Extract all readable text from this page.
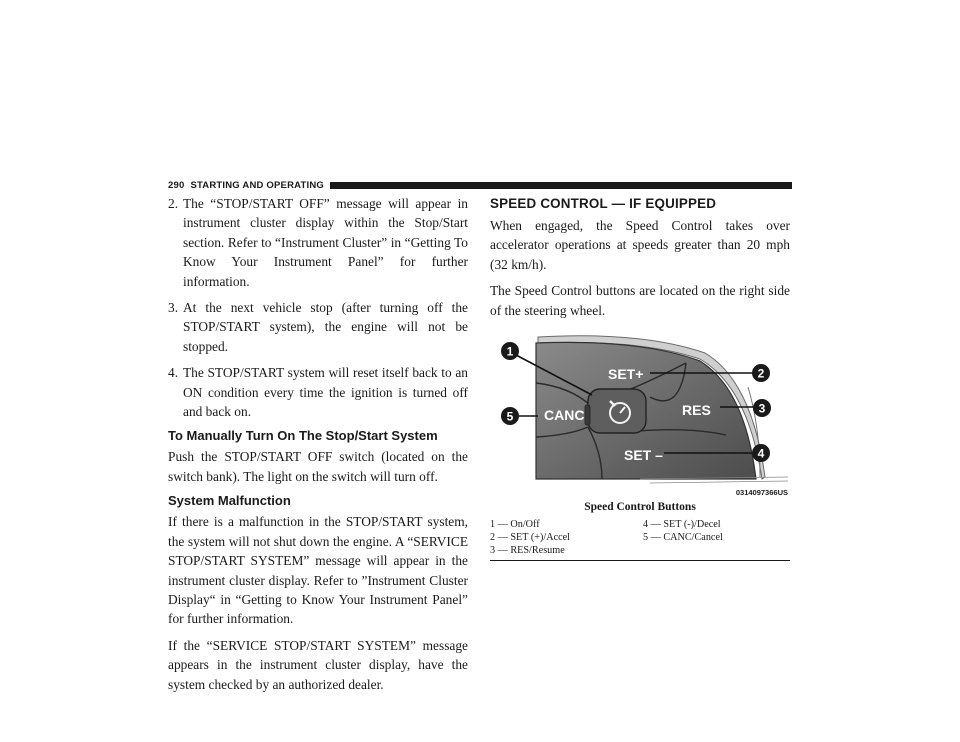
290 STARTING AND OPERATING
2. The “STOP/START OFF” message will appear in instrument cluster display within the Stop/Start section. Refer to “Instrument Cluster” in “Getting To Know Your Instrument Panel” for further information.
3. At the next vehicle stop (after turning off the STOP/START system), the engine will not be stopped.
4. The STOP/START system will reset itself back to an ON condition every time the ignition is turned off and back on.
To Manually Turn On The Stop/Start System

Push the STOP/START OFF switch (located on the switch bank). The light on the switch will turn off.

System Malfunction

If there is a malfunction in the STOP/START system, the system will not shut down the engine. A “SERVICE STOP/START SYSTEM” message will appear in the instrument cluster display. Refer to ”Instrument Cluster Display“ in “Getting to Know Your Instrument Panel” for further information.

If the “SERVICE STOP/START SYSTEM” message appears in the instrument cluster display, have the system checked by an authorized dealer.

SPEED CONTROL — IF EQUIPPED

When engaged, the Speed Control takes over accelerator operations at speeds greater than 20 mph (32 km/h).

The Speed Control buttons are located on the right side of the steering wheel.

SET+
RES
CANC
SET –
1
2
3
4
5
0314097366US
Speed Control Buttons
1 — On/Off	4 — SET (-)/Decel
2 — SET (+)/Accel	5 — CANC/Cancel
3 — RES/Resume
